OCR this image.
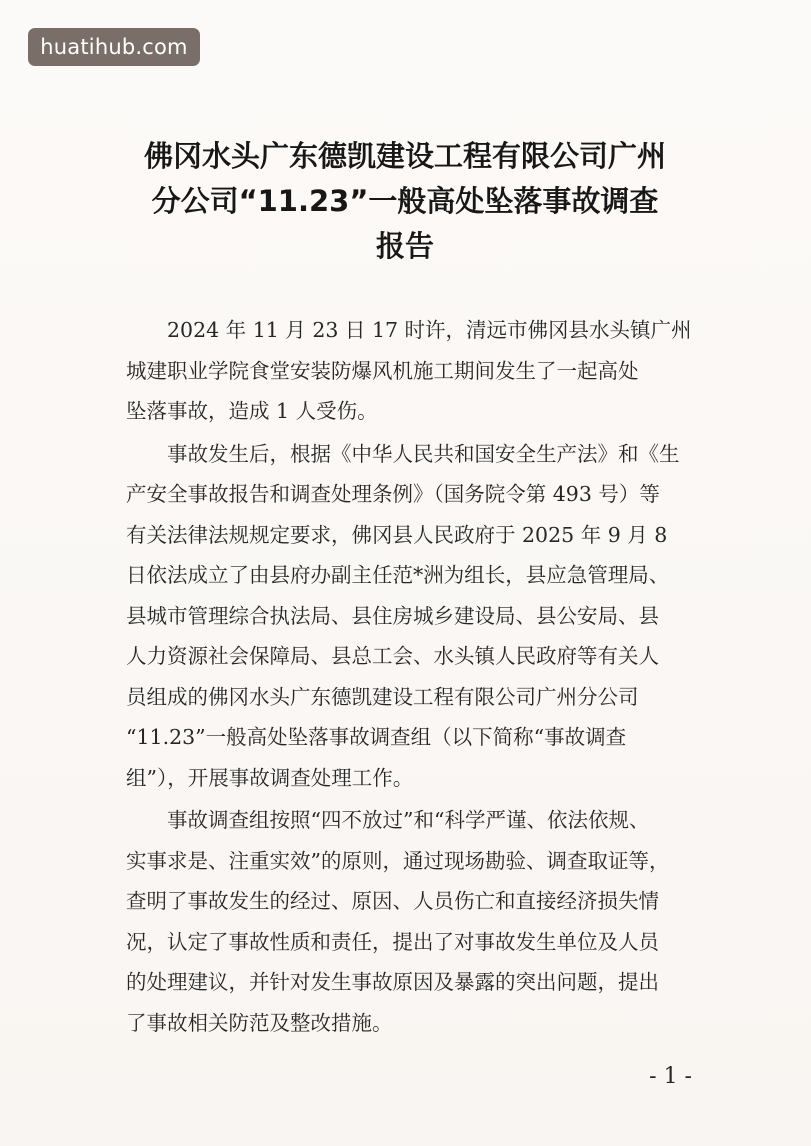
huatihub.com
佛冈水头广东德凯建设工程有限公司广州
分公司“11.23”一般高处坠落事故调查
报告
2024 年 11 月 23 日 17 时许，清远市佛冈县水头镇广州
城建职业学院食堂安装防爆风机施工期间发生了一起高处
坠落事故，造成 1 人受伤。
事故发生后，根据《中华人民共和国安全生产法》和《生
产安全事故报告和调查处理条例》（国务院令第 493 号）等
有关法律法规规定要求，佛冈县人民政府于 2025 年 9 月 8
日依法成立了由县府办副主任范*洲为组长，县应急管理局、
县城市管理综合执法局、县住房城乡建设局、县公安局、县
人力资源社会保障局、县总工会、水头镇人民政府等有关人
员组成的佛冈水头广东德凯建设工程有限公司广州分公司
“11.23”一般高处坠落事故调查组（以下简称“事故调查
组”），开展事故调查处理工作。
事故调查组按照“四不放过”和“科学严谨、依法依规、
实事求是、注重实效”的原则，通过现场勘验、调查取证等，
查明了事故发生的经过、原因、人员伤亡和直接经济损失情
况，认定了事故性质和责任，提出了对事故发生单位及人员
的处理建议，并针对发生事故原因及暴露的突出问题，提出
了事故相关防范及整改措施。
- 1 -
